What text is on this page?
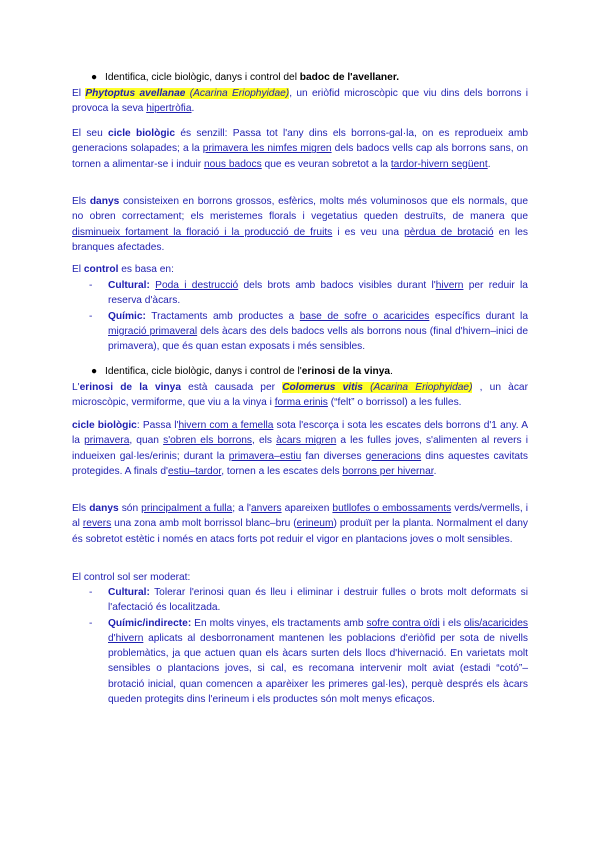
● Identifica, cicle biològic, danys i control del badoc de l'avellaner.

El Phytoptus avellanae (Acarina Eriophyidae), un eriòfid microscòpic que viu dins dels borrons i provoca la seva hipertròfia.

El seu cicle biològic és senzill: Passa tot l'any dins els borrons-gal·la, on es reprodueix amb generacions solapades; a la primavera les nimfes migren dels badocs vells cap als borrons sans, on tornen a alimentar-se i induir nous badocs que es veuran sobretot a la tardor-hivern següent.

Els danys consisteixen en borrons grossos, esfèrics, molts més voluminosos que els normals, que no obren correctament; els meristemes florals i vegetatius queden destruïts, de manera que disminueix fortament la floració i la producció de fruits i es veu una pèrdua de brotació en les branques afectades.

El control es basa en:

- Cultural: Poda i destrucció dels brots amb badocs visibles durant l'hivern per reduir la reserva d'àcars.
- Químic: Tractaments amb productes a base de sofre o acaricides específics durant la migració primaveral dels àcars des dels badocs vells als borrons nous (final d'hivern–inici de primavera), que és quan estan exposats i més sensibles.
● Identifica, cicle biològic, danys i control de l'erinosi de la vinya.

L'erinosi de la vinya està causada per Colomerus vitis (Acarina Eriophyidae) , un àcar microscòpic, vermiforme, que viu a la vinya i forma erinis (“felt” o borrissol) a les fulles.

cicle biològic: Passa l'hivern com a femella sota l'escorça i sota les escates dels borrons d'1 any. A la primavera, quan s'obren els borrons, els àcars migren a les fulles joves, s'alimenten al revers i indueixen gal·les/erinis; durant la primavera–estiu fan diverses generacions dins aquestes cavitats protegides. A finals d'estiu–tardor, tornen a les escates dels borrons per hivernar.

Els danys són principalment a fulla; a l'anvers apareixen butllofes o embossaments verds/vermells, i al revers una zona amb molt borrissol blanc–bru (erineum) produït per la planta. Normalment el dany és sobretot estètic i només en atacs forts pot reduir el vigor en plantacions joves o molt sensibles.

El control sol ser moderat:

- Cultural: Tolerar l'erinosi quan és lleu i eliminar i destruir fulles o brots molt deformats si l'afectació és localitzada.
- Químic/indirecte: En molts vinyes, els tractaments amb sofre contra oïdi i els olis/acaricides d'hivern aplicats al desborronament mantenen les poblacions d'eriòfid per sota de nivells problemàtics, ja que actuen quan els àcars surten dels llocs d'hivernació. En varietats molt sensibles o plantacions joves, si cal, es recomana intervenir molt aviat (estadi “cotó”–brotació inicial, quan comencen a aparèixer les primeres gal·les), perquè després els àcars queden protegits dins l'erineum i els productes són molt menys eficaços.
